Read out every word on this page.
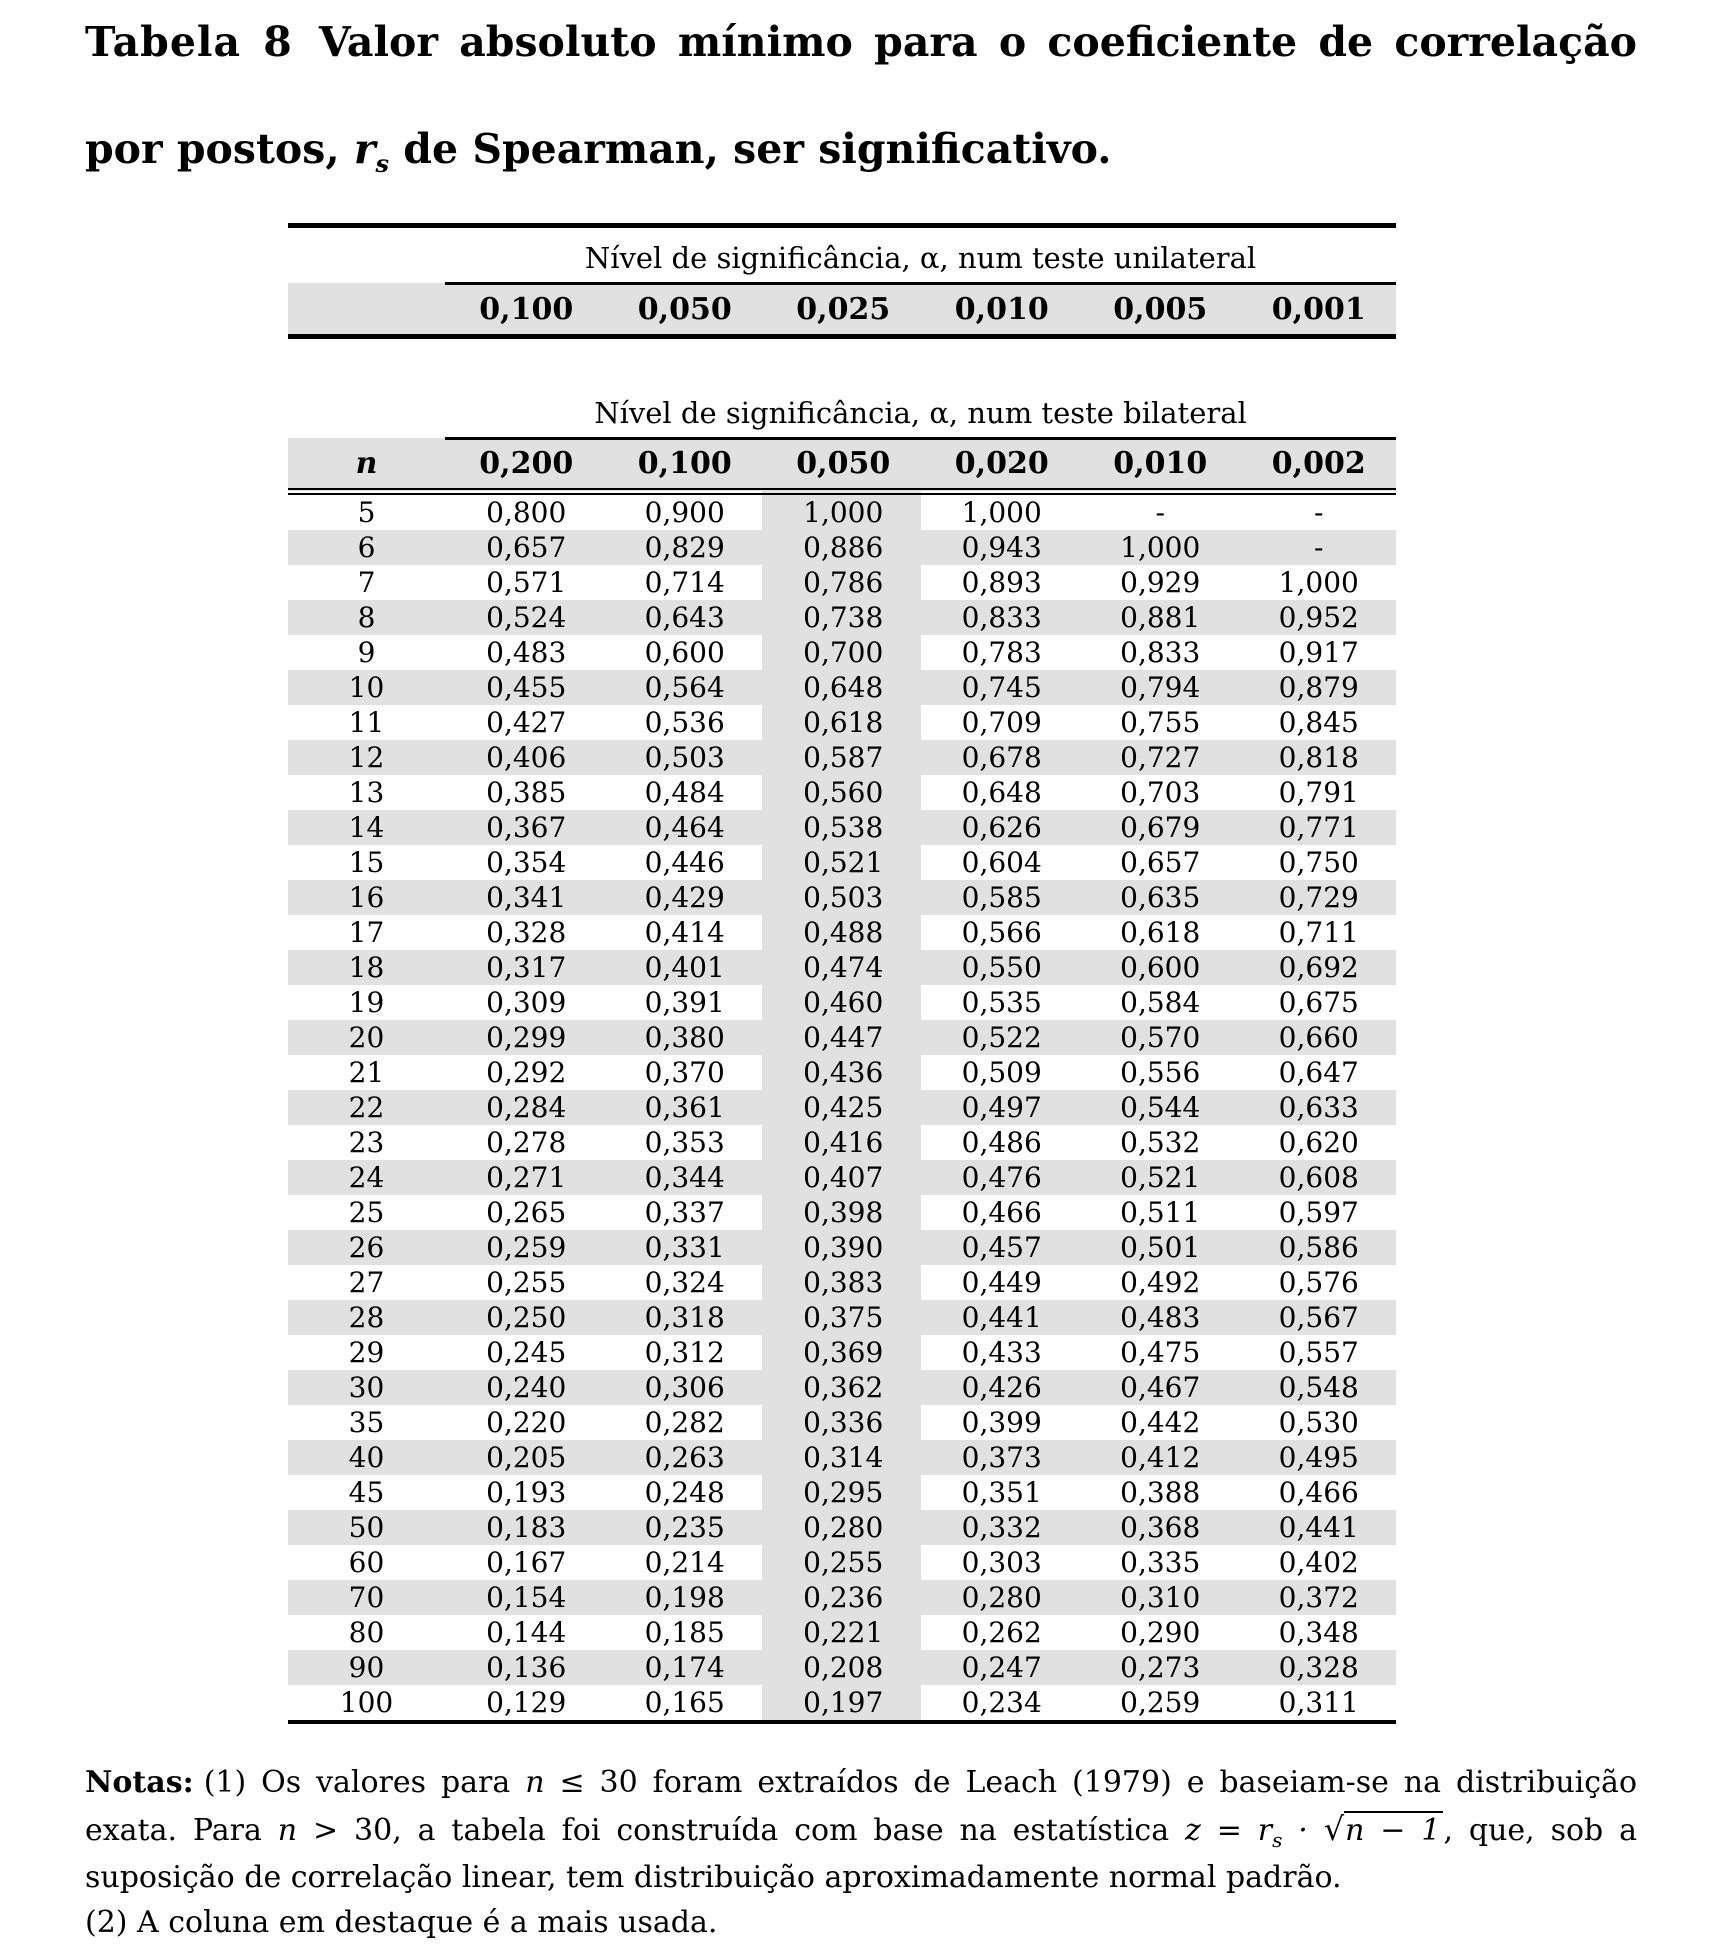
Tabela 8 Valor absoluto mínimo para o coeficiente de correlação
por postos, $r_s$ de Spearman, ser significativo.
	Nível de significância, α, num teste unilateral					
	0,100	0,050	0,025	0,010	0,005	0,001

	Nível de significância, α, num teste bilateral					
n	0,200	0,100	0,050	0,020	0,010	0,002
5	0,800	0,900	1,000	1,000	-	-
6	0,657	0,829	0,886	0,943	1,000	-
7	0,571	0,714	0,786	0,893	0,929	1,000
8	0,524	0,643	0,738	0,833	0,881	0,952
9	0,483	0,600	0,700	0,783	0,833	0,917
10	0,455	0,564	0,648	0,745	0,794	0,879
11	0,427	0,536	0,618	0,709	0,755	0,845
12	0,406	0,503	0,587	0,678	0,727	0,818
13	0,385	0,484	0,560	0,648	0,703	0,791
14	0,367	0,464	0,538	0,626	0,679	0,771
15	0,354	0,446	0,521	0,604	0,657	0,750
16	0,341	0,429	0,503	0,585	0,635	0,729
17	0,328	0,414	0,488	0,566	0,618	0,711
18	0,317	0,401	0,474	0,550	0,600	0,692
19	0,309	0,391	0,460	0,535	0,584	0,675
20	0,299	0,380	0,447	0,522	0,570	0,660
21	0,292	0,370	0,436	0,509	0,556	0,647
22	0,284	0,361	0,425	0,497	0,544	0,633
23	0,278	0,353	0,416	0,486	0,532	0,620
24	0,271	0,344	0,407	0,476	0,521	0,608
25	0,265	0,337	0,398	0,466	0,511	0,597
26	0,259	0,331	0,390	0,457	0,501	0,586
27	0,255	0,324	0,383	0,449	0,492	0,576
28	0,250	0,318	0,375	0,441	0,483	0,567
29	0,245	0,312	0,369	0,433	0,475	0,557
30	0,240	0,306	0,362	0,426	0,467	0,548
35	0,220	0,282	0,336	0,399	0,442	0,530
40	0,205	0,263	0,314	0,373	0,412	0,495
45	0,193	0,248	0,295	0,351	0,388	0,466
50	0,183	0,235	0,280	0,332	0,368	0,441
60	0,167	0,214	0,255	0,303	0,335	0,402
70	0,154	0,198	0,236	0,280	0,310	0,372
80	0,144	0,185	0,221	0,262	0,290	0,348
90	0,136	0,174	0,208	0,247	0,273	0,328
100	0,129	0,165	0,197	0,234	0,259	0,311
Notas: (1) Os valores para n ≤ 30 foram extraídos de Leach (1979) e baseiam-se na distribuição exata. Para n > 30, a tabela foi construída com base na estatística $z = r_s \cdot √n - 1$ , que, sob a suposição de correlação linear, tem distribuição aproximadamente normal padrão.
(2) A coluna em destaque é a mais usada.
